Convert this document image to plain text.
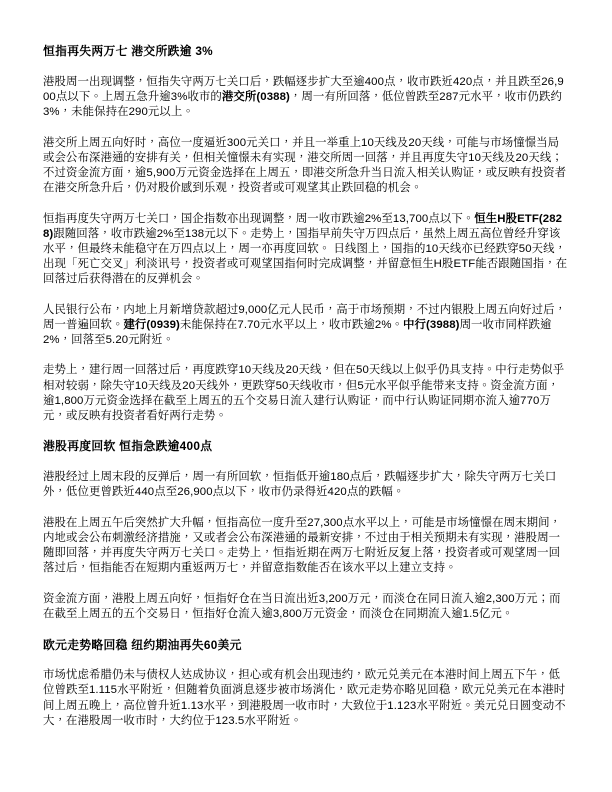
恒指再失两万七 港交所跌逾 3%

港股周一出现调整，恒指失守两万七关口后，跌幅逐步扩大至逾400点，收市跌近420点，并且跌至26,900点以下。上周五急升逾3%收市的港交所(0388)，周一有所回落，低位曾跌至287元水平，收市仍跌约3%，未能保持在290元以上。

港交所上周五向好时，高位一度逼近300元关口，并且一举重上10天线及20天线，可能与市场憧憬当局或会公布深港通的安排有关，但相关憧憬未有实现，港交所周一回落，并且再度失守10天线及20天线；不过资金流方面，逾5,900万元资金选择在上周五，即港交所急升当日流入相关认购证，或反映有投资者在港交所急升后，仍对股价感到乐观，投资者或可观望其止跌回稳的机会。

恒指再度失守两万七关口，国企指数亦出现调整，周一收市跌逾2%至13,700点以下。恒生H股ETF(2828)跟随回落，收市跌逾2%至138元以下。走势上，国指早前失守万四点后，虽然上周五高位曾经升穿该水平，但最终未能稳守在万四点以上，周一亦再度回软。 日线图上，国指的10天线亦已经跌穿50天线，出现「死亡交叉」利淡讯号，投资者或可观望国指何时完成调整，并留意恒生H股ETF能否跟随国指，在回落过后获得潜在的反弹机会。

人民银行公布，内地上月新增贷款超过9,000亿元人民币，高于市场预期，不过内银股上周五向好过后，周一普遍回软。建行(0939)未能保持在7.70元水平以上，收市跌逾2%。中行(3988)周一收市同样跌逾2%，回落至5.20元附近。

走势上，建行周一回落过后，再度跌穿10天线及20天线，但在50天线以上似乎仍具支持。中行走势似乎相对较弱，除失守10天线及20天线外，更跌穿50天线收市，但5元水平似乎能带来支持。资金流方面，逾1,800万元资金选择在截至上周五的五个交易日流入建行认购证，而中行认购证同期亦流入逾770万元，或反映有投资者看好两行走势。

港股再度回软 恒指急跌逾400点

港股经过上周末段的反弹后，周一有所回软，恒指低开逾180点后，跌幅逐步扩大，除失守两万七关口外，低位更曾跌近440点至26,900点以下，收市仍录得近420点的跌幅。

港股在上周五午后突然扩大升幅，恒指高位一度升至27,300点水平以上，可能是市场憧憬在周末期间，内地或会公布刺激经济措施，又或者会公布深港通的最新安排，不过由于相关预期未有实现，港股周一随即回落，并再度失守两万七关口。走势上，恒指近期在两万七附近反复上落，投资者或可观望周一回落过后，恒指能否在短期内重返两万七，并留意指数能否在该水平以上建立支持。

资金流方面，港股上周五向好，恒指好仓在当日流出近3,200万元，而淡仓在同日流入逾2,300万元；而在截至上周五的五个交易日，恒指好仓流入逾3,800万元资金，而淡仓在同期流入逾1.5亿元。

欧元走势略回稳 纽约期油再失60美元

市场忧虑希腊仍未与债权人达成协议，担心或有机会出现违约，欧元兑美元在本港时间上周五下午，低位曾跌至1.115水平附近，但随着负面消息逐步被市场消化，欧元走势亦略见回稳，欧元兑美元在本港时间上周五晚上，高位曾升近1.13水平，到港股周一收市时，大致位于1.123水平附近。美元兑日圆变动不大，在港股周一收市时，大约位于123.5水平附近。
